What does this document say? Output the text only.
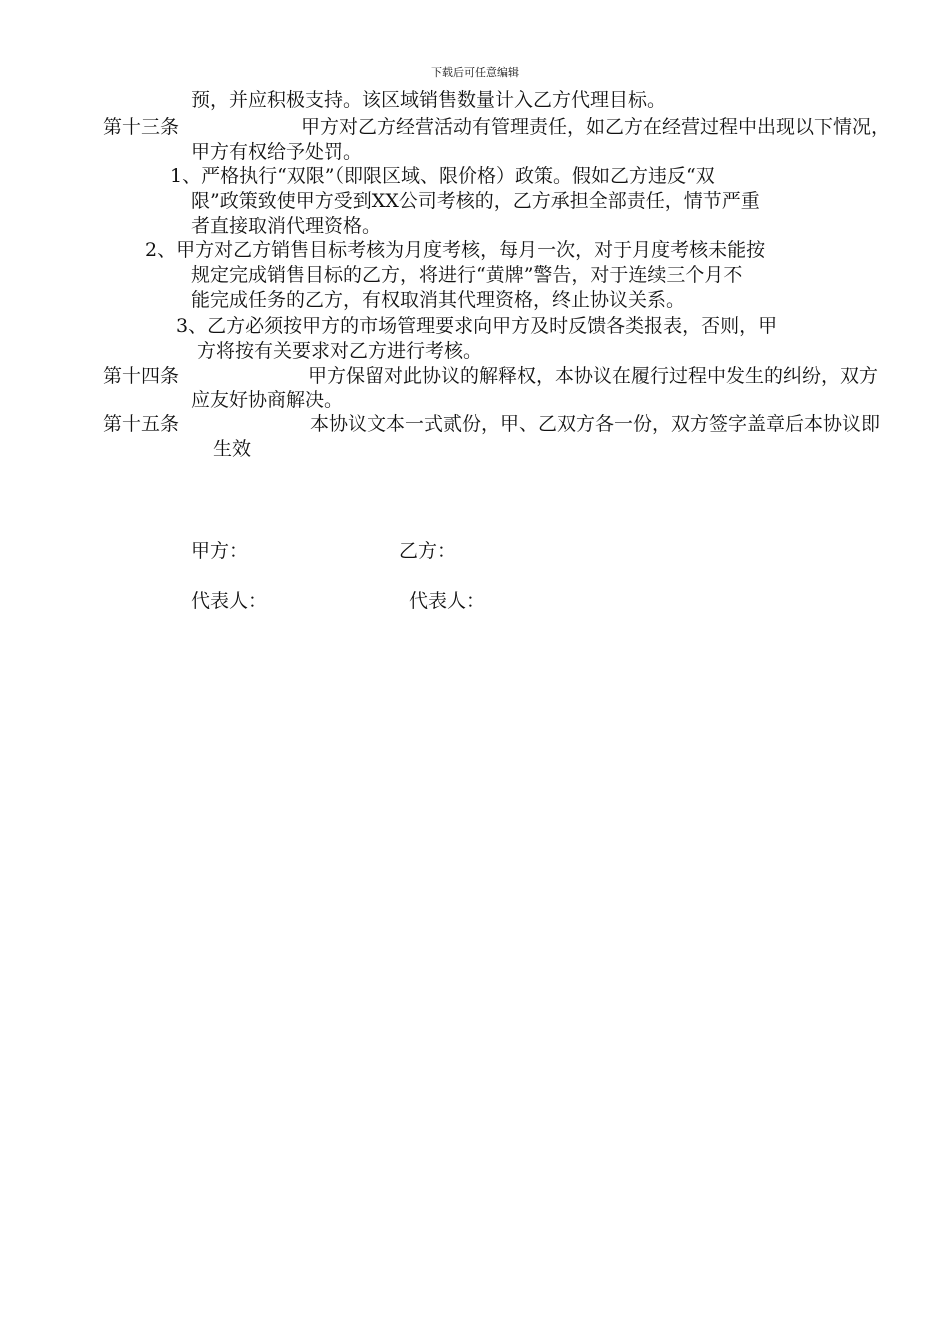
下载后可任意编辑
预，并应积极支持。该区域销售数量计入乙方代理目标。
第十三条	甲方对乙方经营活动有管理责任，如乙方在经营过程中出现以下情况，
甲方有权给予处罚。
1、严格执行“双限”（即限区域、限价格）政策。假如乙方违反“双
限”政策致使甲方受到XX公司考核的，乙方承担全部责任，情节严重
者直接取消代理资格。
2、甲方对乙方销售目标考核为月度考核，每月一次，对于月度考核未能按
规定完成销售目标的乙方，将进行“黄牌”警告，对于连续三个月不
能完成任务的乙方，有权取消其代理资格，终止协议关系。
3、乙方必须按甲方的市场管理要求向甲方及时反馈各类报表，否则，甲
方将按有关要求对乙方进行考核。
第十四条	甲方保留对此协议的解释权，本协议在履行过程中发生的纠纷，双方
应友好协商解决。
第十五条	本协议文本一式贰份，甲、乙双方各一份，双方签字盖章后本协议即
生效
甲方：	乙方：
代表人：	代表人：
